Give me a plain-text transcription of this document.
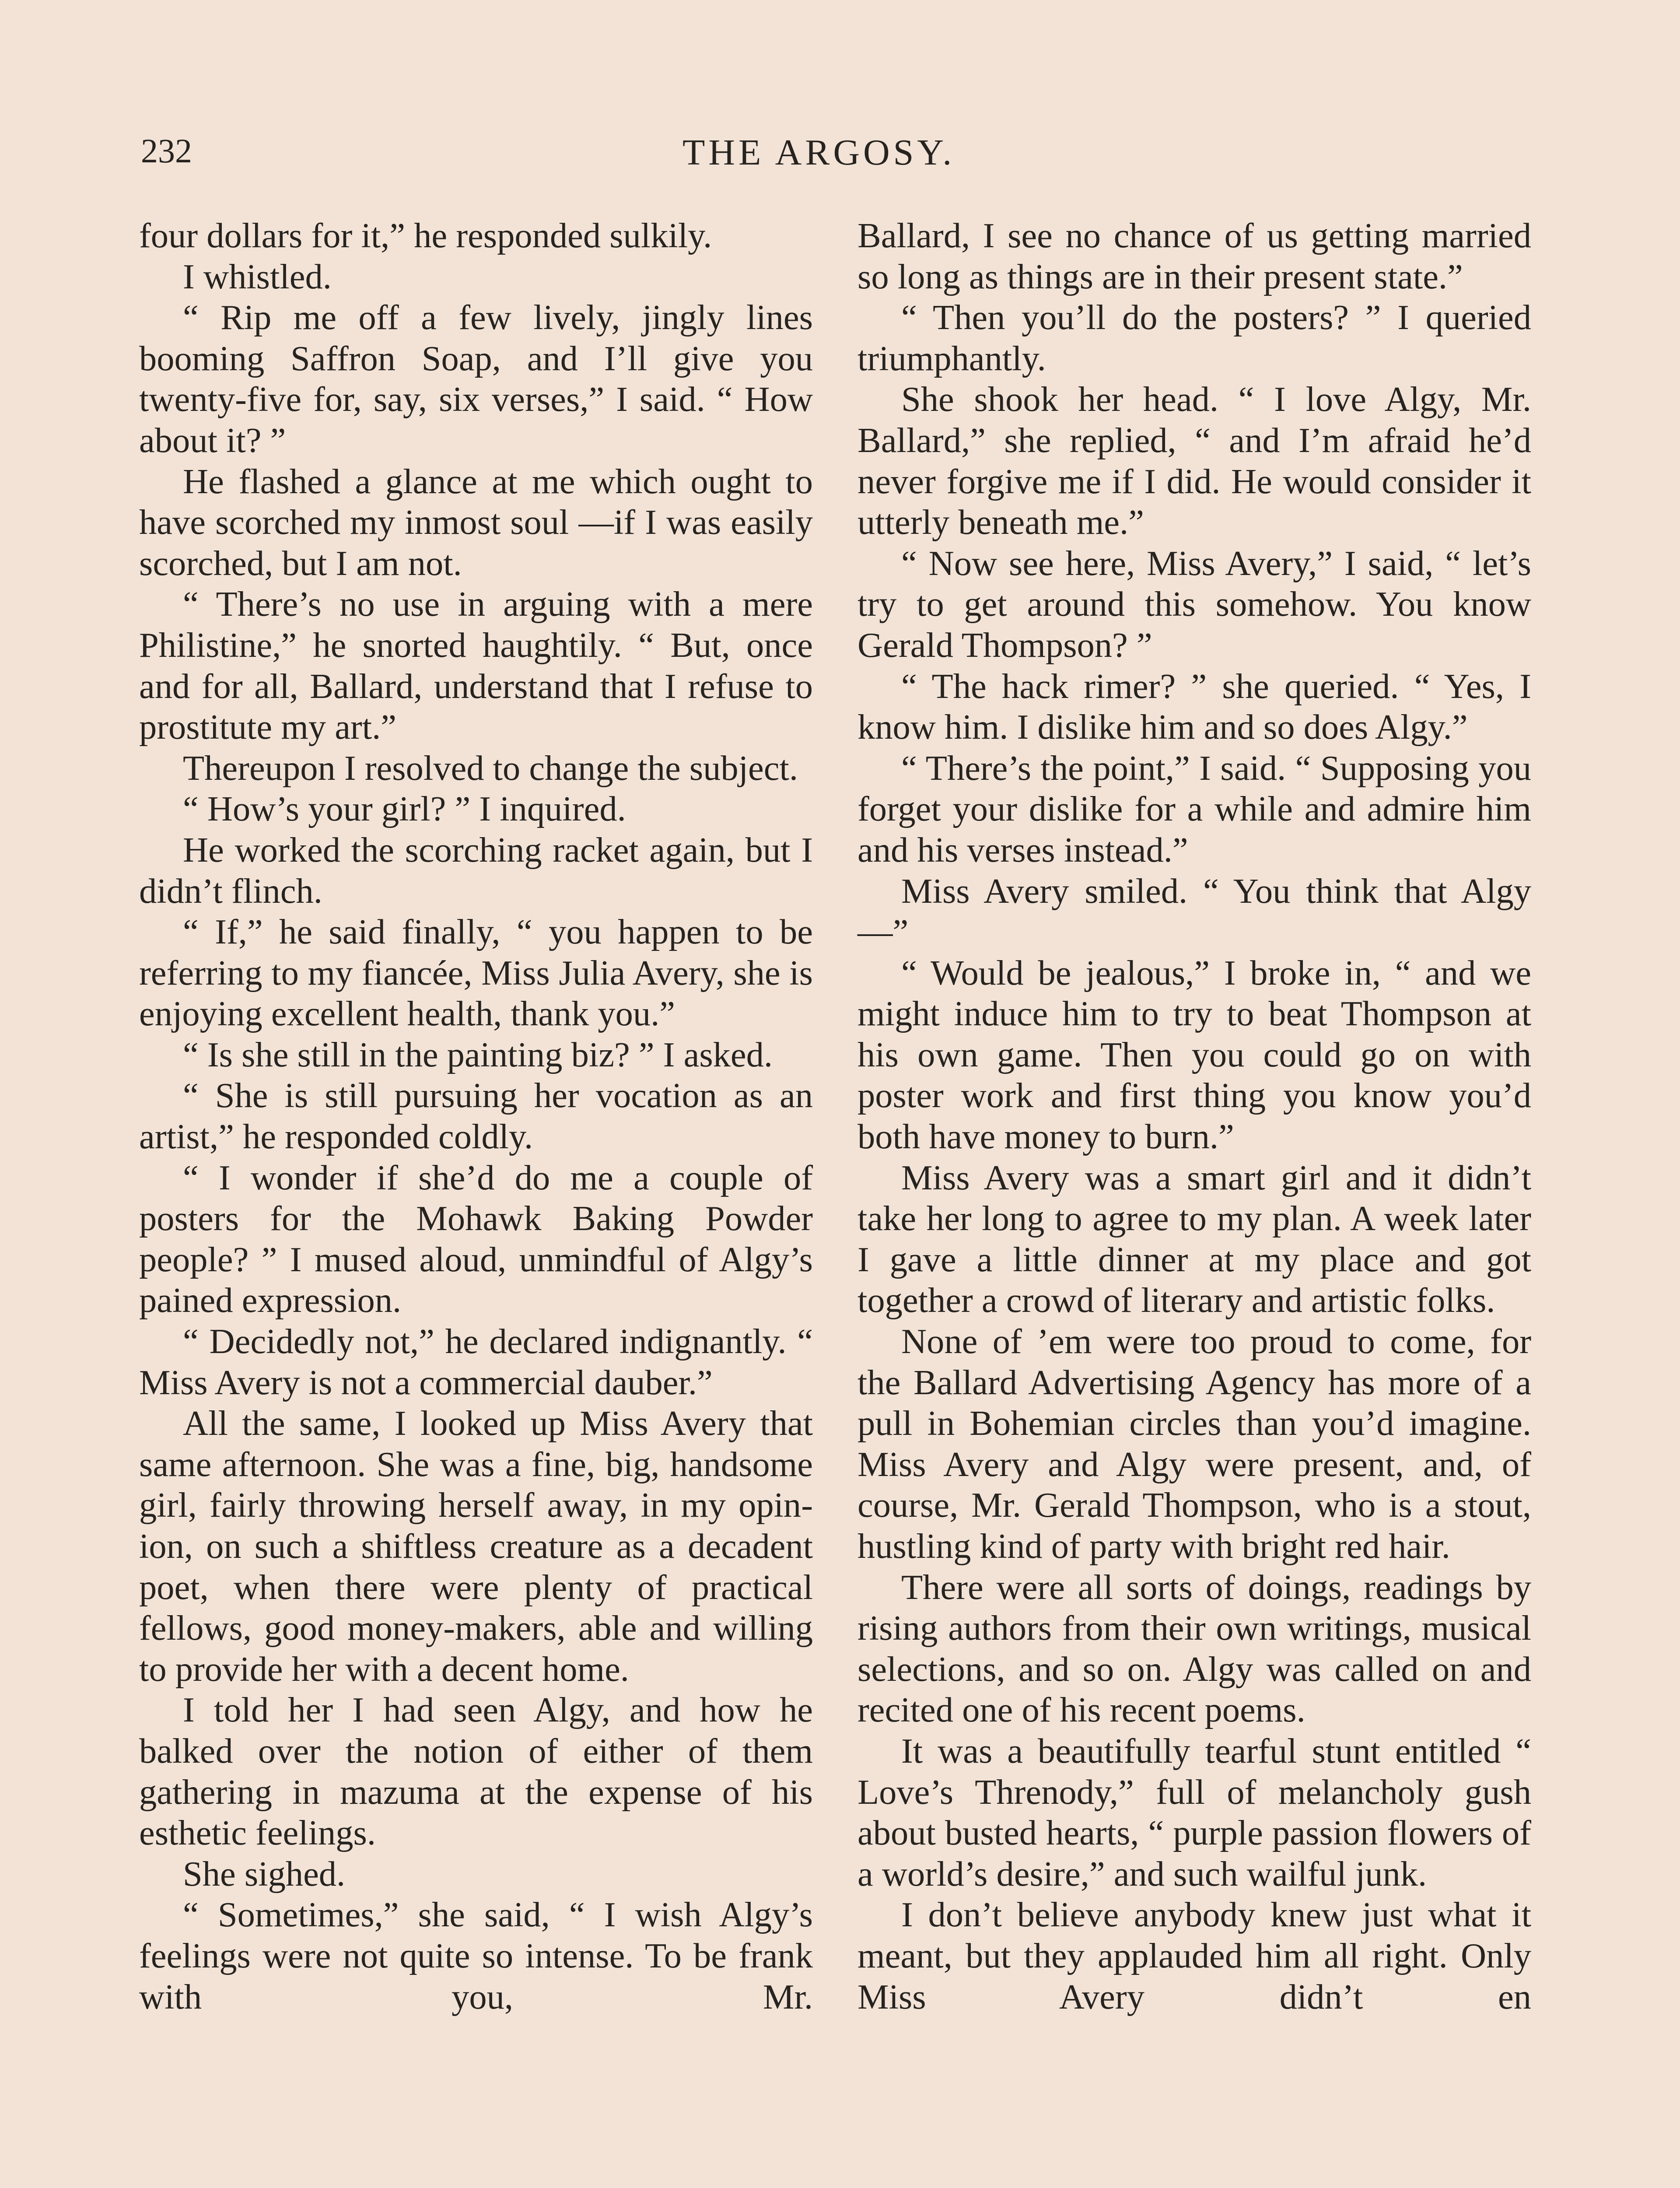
232	THE ARGOSY.

four dollars for it,” he responded sulkily.

I whistled.

“ Rip me off a few lively, jingly lines booming Saffron Soap, and I’ll give you twenty-five for, say, six verses,” I said. “ How about it? ”

He flashed a glance at me which ought to have scorched my inmost soul —if I was easily scorched, but I am not.

“ There’s no use in arguing with a mere Philistine,” he snorted haughtily. “ But, once and for all, Ballard, understand that I refuse to prostitute my art.”

Thereupon I resolved to change the subject.

“ How’s your girl? ” I inquired.

He worked the scorching racket again, but I didn’t flinch.

“ If,” he said finally, “ you happen to be referring to my fiancée, Miss Julia Avery, she is enjoying excellent health, thank you.”

“ Is she still in the painting biz? ” I asked.

“ She is still pursuing her vocation as an artist,” he responded coldly.

“ I wonder if she’d do me a couple of posters for the Mohawk Baking Powder people? ” I mused aloud, unmindful of Algy’s pained expression.

“ Decidedly not,” he declared indignantly. “ Miss Avery is not a commercial dauber.”

All the same, I looked up Miss Avery that same afternoon. She was a fine, big, handsome girl, fairly throwing herself away, in my opinion, on such a shiftless creature as a decadent poet, when there were plenty of practical fellows, good money-makers, able and willing to provide her with a decent home.

I told her I had seen Algy, and how he balked over the notion of either of them gathering in mazuma at the expense of his esthetic feelings.

She sighed.

“ Sometimes,” she said, “ I wish Algy’s feelings were not quite so intense. To be frank with you, Mr.

Ballard, I see no chance of us getting married so long as things are in their present state.”

“ Then you’ll do the posters? ” I queried triumphantly.

She shook her head. “ I love Algy, Mr. Ballard,” she replied, “ and I’m afraid he’d never forgive me if I did. He would consider it utterly beneath me.”

“ Now see here, Miss Avery,” I said, “ let’s try to get around this somehow. You know Gerald Thompson? ”

“ The hack rimer? ” she queried. “ Yes, I know him. I dislike him and so does Algy.”

“ There’s the point,” I said. “ Supposing you forget your dislike for a while and admire him and his verses instead.”

Miss Avery smiled. “ You think that Algy—”

“ Would be jealous,” I broke in, “ and we might induce him to try to beat Thompson at his own game. Then you could go on with poster work and first thing you know you’d both have money to burn.”

Miss Avery was a smart girl and it didn’t take her long to agree to my plan. A week later I gave a little dinner at my place and got together a crowd of literary and artistic folks.

None of ’em were too proud to come, for the Ballard Advertising Agency has more of a pull in Bohemian circles than you’d imagine. Miss Avery and Algy were present, and, of course, Mr. Gerald Thompson, who is a stout, hustling kind of party with bright red hair.

There were all sorts of doings, readings by rising authors from their own writings, musical selections, and so on. Algy was called on and recited one of his recent poems.

It was a beautifully tearful stunt entitled “ Love’s Threnody,” full of melancholy gush about busted hearts, “ purple passion flowers of a world’s desire,” and such wailful junk.

I don’t believe anybody knew just what it meant, but they applauded him all right. Only Miss Avery didn’t en
